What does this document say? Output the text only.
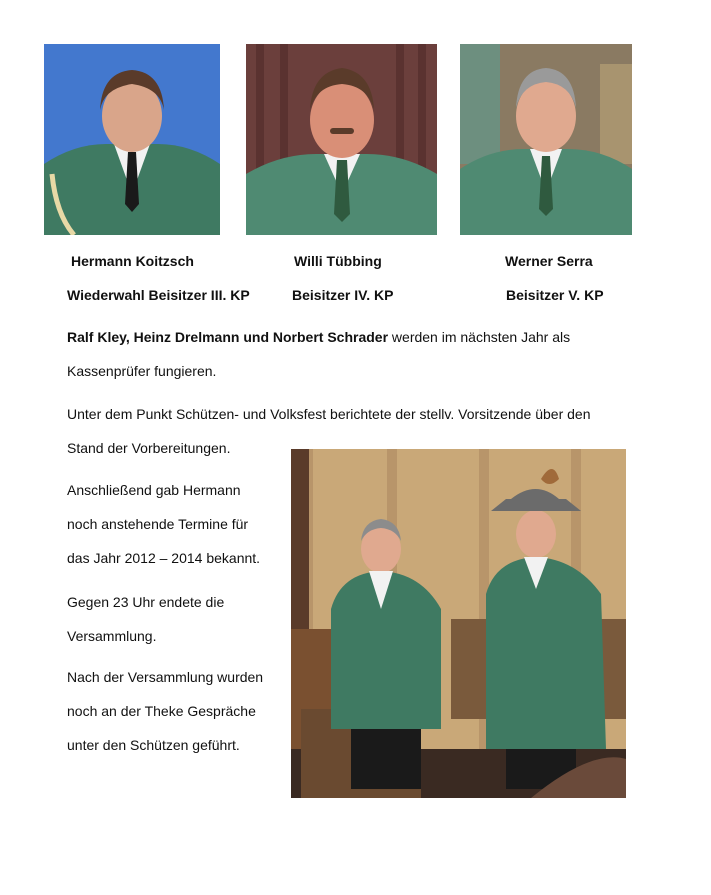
Hermann Koitzsch	Willi Tübbing	Werner Serra
Wiederwahl Beisitzer III. KP	Beisitzer IV. KP	Beisitzer V. KP
Ralf Kley, Heinz Drelmann und Norbert Schrader werden im nächsten Jahr als
Kassenprüfer fungieren.
Unter dem Punkt Schützen- und Volksfest berichtete der stellv. Vorsitzende über den
Stand der Vorbereitungen.
Anschließend gab Hermann
noch anstehende Termine für
das Jahr 2012 – 2014 bekannt.
Gegen 23 Uhr endete die
Versammlung.
Nach der Versammlung wurden
noch an der Theke Gespräche
unter den Schützen geführt.
